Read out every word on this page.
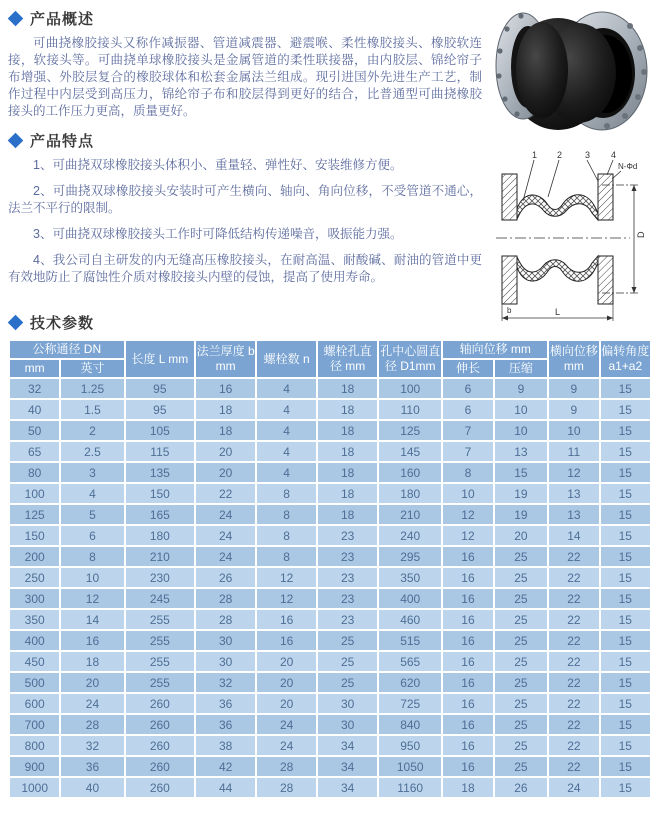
产品概述

可曲挠橡胶接头又称作减振器、管道减震器、避震喉、柔性橡胶接头、橡胶软连接，软接头等。可曲挠单球橡胶接头是金属管道的柔性联接器，由内胶层、锦纶帘子布增强、外胶层复合的橡胶球体和松套金属法兰组成。现引进国外先进生产工艺，制作过程中内层受到高压力，锦纶帘子布和胶层得到更好的结合，比普通型可曲挠橡胶接头的工作压力更高，质量更好。

产品特点

1、可曲挠双球橡胶接头体积小、重量轻、弹性好、安装维修方便。

2、可曲挠双球橡胶接头安装时可产生横向、轴向、角向位移，不受管道不通心，法兰不平行的限制。

3、可曲挠双球橡胶接头工作时可降低结构传递噪音，吸振能力强。

4、我公司自主研发的内无缝高压橡胶接头，在耐高温、耐酸碱、耐油的管道中更有效地防止了腐蚀性介质对橡胶接头内壁的侵蚀，提高了使用寿命。

1 2	3 4
N-Φd
D
b	L
技术参数
公称通径 DN		长度 L mm	法兰厚度 b mm	螺栓数 n	螺栓孔直径 mm	孔中心圆直径 D1mm	轴向位移 mm		横向位移 mm	偏转角度 a1+a2
mm	英寸						伸长	压缩		
32	1.25	95	16	4	18	100	6	9	9	15
40	1.5	95	18	4	18	110	6	10	9	15
50	2	105	18	4	18	125	7	10	10	15
65	2.5	115	20	4	18	145	7	13	11	15
80	3	135	20	4	18	160	8	15	12	15
100	4	150	22	8	18	180	10	19	13	15
125	5	165	24	8	18	210	12	19	13	15
150	6	180	24	8	23	240	12	20	14	15
200	8	210	24	8	23	295	16	25	22	15
250	10	230	26	12	23	350	16	25	22	15
300	12	245	28	12	23	400	16	25	22	15
350	14	255	28	16	23	460	16	25	22	15
400	16	255	30	16	25	515	16	25	22	15
450	18	255	30	20	25	565	16	25	22	15
500	20	255	32	20	25	620	16	25	22	15
600	24	260	36	20	30	725	16	25	22	15
700	28	260	36	24	30	840	16	25	22	15
800	32	260	38	24	34	950	16	25	22	15
900	36	260	42	28	34	1050	16	25	22	15
1000	40	260	44	28	34	1160	18	26	24	15
